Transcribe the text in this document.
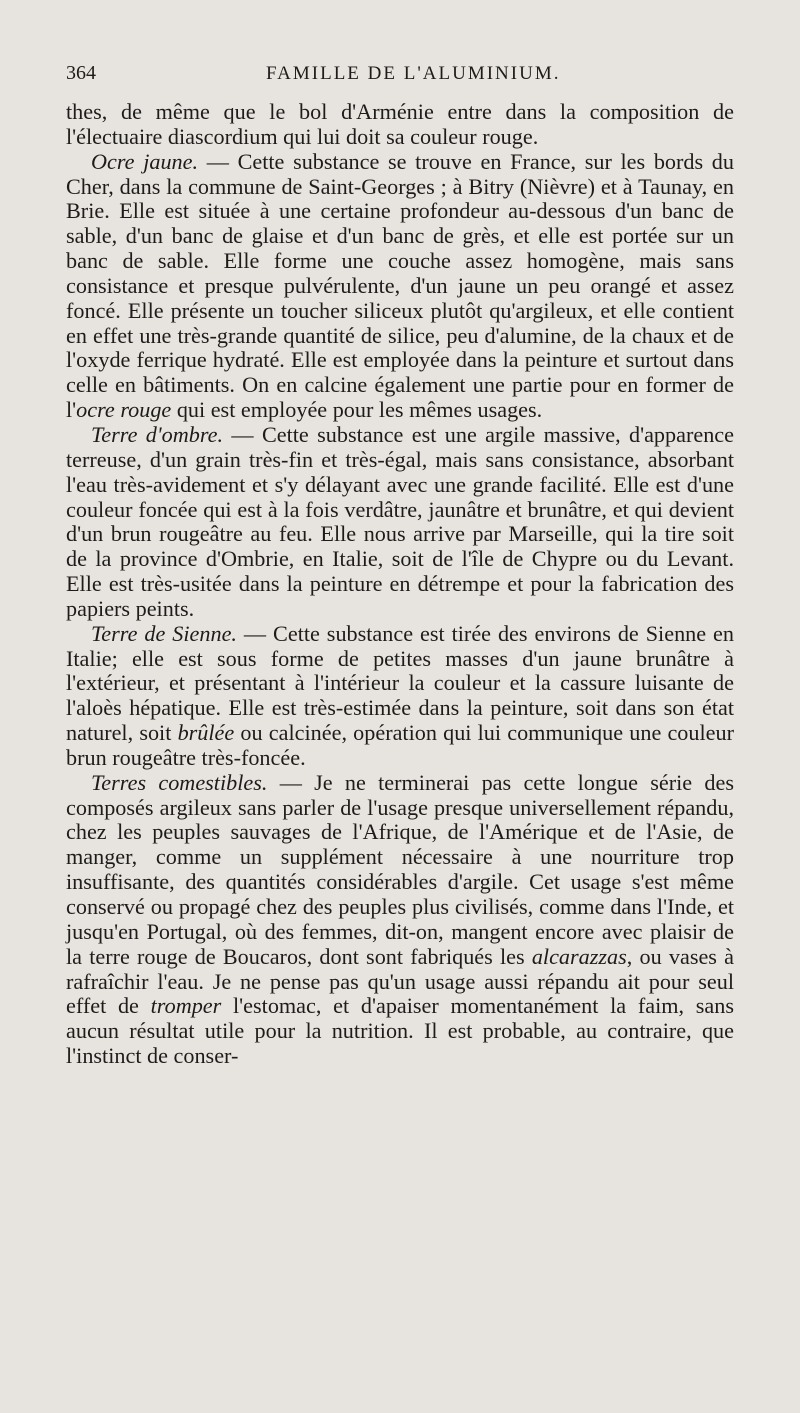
364	FAMILLE DE L'ALUMINIUM.

thes, de même que le bol d'Arménie entre dans la composition de l'électuaire diascordium qui lui doit sa couleur rouge.

Ocre jaune. — Cette substance se trouve en France, sur les bords du Cher, dans la commune de Saint-Georges ; à Bitry (Nièvre) et à Taunay, en Brie. Elle est située à une certaine profondeur au-dessous d'un banc de sable, d'un banc de glaise et d'un banc de grès, et elle est portée sur un banc de sable. Elle forme une couche assez homogène, mais sans consistance et presque pulvérulente, d'un jaune un peu orangé et assez foncé. Elle présente un toucher siliceux plutôt qu'argileux, et elle contient en effet une très-grande quantité de silice, peu d'alumine, de la chaux et de l'oxyde ferrique hydraté. Elle est employée dans la peinture et surtout dans celle en bâtiments. On en calcine également une partie pour en former de l'ocre rouge qui est employée pour les mêmes usages.

Terre d'ombre. — Cette substance est une argile massive, d'apparence terreuse, d'un grain très-fin et très-égal, mais sans consistance, absorbant l'eau très-avidement et s'y délayant avec une grande facilité. Elle est d'une couleur foncée qui est à la fois verdâtre, jaunâtre et brunâtre, et qui devient d'un brun rougeâtre au feu. Elle nous arrive par Marseille, qui la tire soit de la province d'Ombrie, en Italie, soit de l'île de Chypre ou du Levant. Elle est très-usitée dans la peinture en détrempe et pour la fabrication des papiers peints.

Terre de Sienne. — Cette substance est tirée des environs de Sienne en Italie; elle est sous forme de petites masses d'un jaune brunâtre à l'extérieur, et présentant à l'intérieur la couleur et la cassure luisante de l'aloès hépatique. Elle est très-estimée dans la peinture, soit dans son état naturel, soit brûlée ou calcinée, opération qui lui communique une couleur brun rougeâtre très-foncée.

Terres comestibles. — Je ne terminerai pas cette longue série des composés argileux sans parler de l'usage presque universellement répandu, chez les peuples sauvages de l'Afrique, de l'Amérique et de l'Asie, de manger, comme un supplément nécessaire à une nourriture trop insuffisante, des quantités considérables d'argile. Cet usage s'est même conservé ou propagé chez des peuples plus civilisés, comme dans l'Inde, et jusqu'en Portugal, où des femmes, dit-on, mangent encore avec plaisir de la terre rouge de Boucaros, dont sont fabriqués les alcarazzas, ou vases à rafraîchir l'eau. Je ne pense pas qu'un usage aussi répandu ait pour seul effet de tromper l'estomac, et d'apaiser momentanément la faim, sans aucun résultat utile pour la nutrition. Il est probable, au contraire, que l'instinct de conser-
